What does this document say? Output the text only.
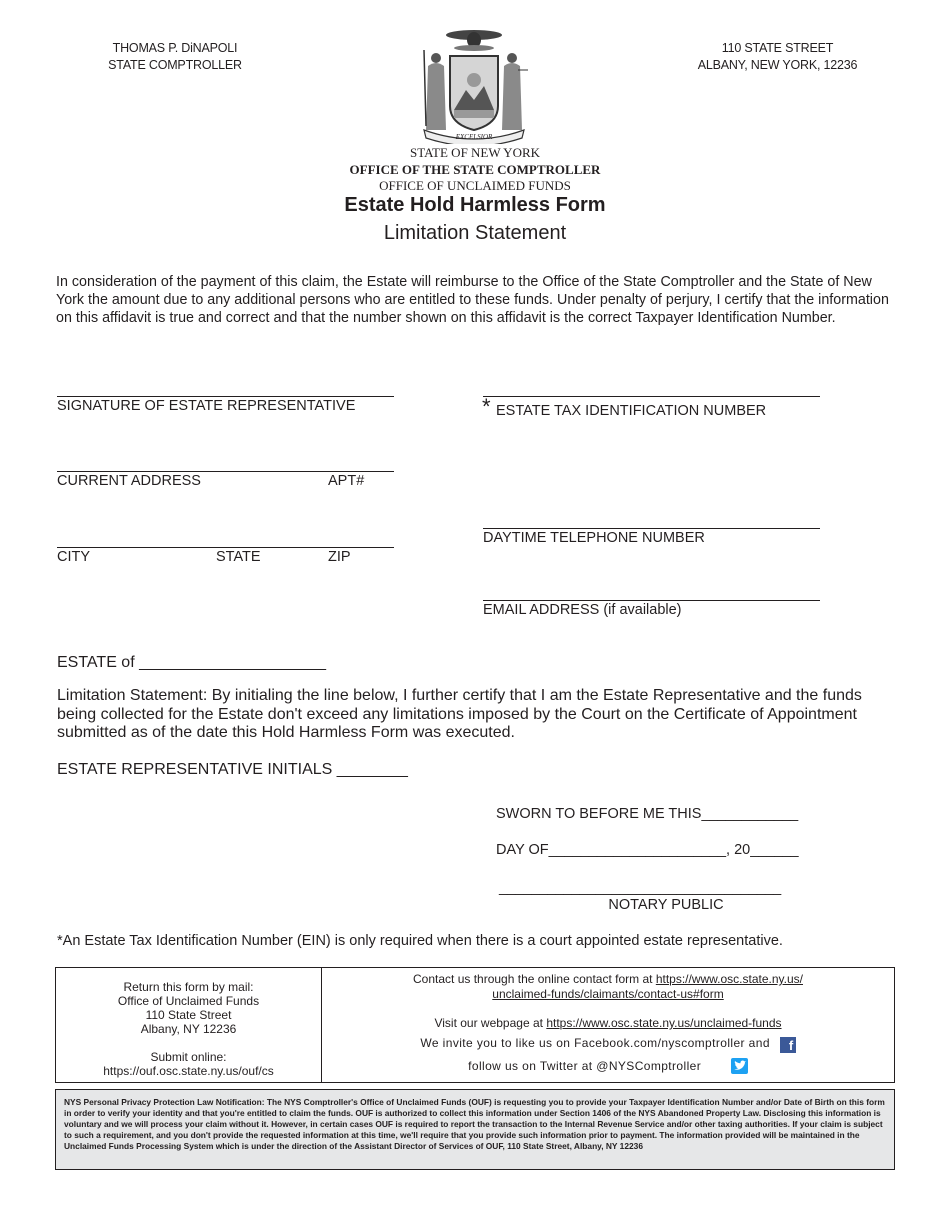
THOMAS P. DiNAPOLI
STATE COMPTROLLER
110 STATE STREET
ALBANY, NEW YORK, 12236
EXCELSIOR
STATE OF NEW YORK
OFFICE OF THE STATE COMPTROLLER
OFFICE OF UNCLAIMED FUNDS
Estate Hold Harmless Form
Limitation Statement
In consideration of the payment of this claim, the Estate will reimburse to the Office of the State Comptroller and the State of New York the amount due to any additional persons who are entitled to these funds. Under penalty of perjury, I certify that the information on this affidavit is true and correct and that the number shown on this affidavit is the correct Taxpayer Identification Number.
SIGNATURE OF ESTATE REPRESENTATIVE
CURRENT ADDRESS	APT#
CITY	STATE	ZIP
* ESTATE TAX IDENTIFICATION NUMBER
DAYTIME TELEPHONE NUMBER
EMAIL ADDRESS (if available)
ESTATE of _____________________
Limitation Statement: By initialing the line below, I further certify that I am the Estate Representative and the funds being collected for the Estate don't exceed any limitations imposed by the Court on the Certificate of Appointment submitted as of the date this Hold Harmless Form was executed.
ESTATE REPRESENTATIVE INITIALS ________
SWORN TO BEFORE ME THIS____________
DAY OF______________________, 20______
___________________________________
NOTARY PUBLIC
*An Estate Tax Identification Number (EIN) is only required when there is a court appointed estate representative.
Return this form by mail:
Office of Unclaimed Funds
110 State Street
Albany, NY 12236
Submit online:
https://ouf.osc.state.ny.us/ouf/cs
Contact us through the online contact form at https://www.osc.state.ny.us/
unclaimed-funds/claimants/contact-us#form
Visit our webpage at https://www.osc.state.ny.us/unclaimed-funds
We invite you to like us on Facebook.com/nyscomptroller and f
follow us on Twitter at @NYSComptroller
NYS Personal Privacy Protection Law Notification: The NYS Comptroller's Office of Unclaimed Funds (OUF) is requesting you to provide your Taxpayer Identification Number and/or Date of Birth on this form in order to verify your identity and that you're entitled to claim the funds. OUF is authorized to collect this information under Section 1406 of the NYS Abandoned Property Law. Disclosing this information is voluntary and we will process your claim without it. However, in certain cases OUF is required to report the transaction to the Internal Revenue Service and/or other taxing authorities. If your claim is subject to such a requirement, and you don't provide the requested information at this time, we'll require that you provide such information prior to payment. The information provided will be maintained in the Unclaimed Funds Processing System which is under the direction of the Assistant Director of Services of OUF, 110 State Street, Albany, NY 12236
